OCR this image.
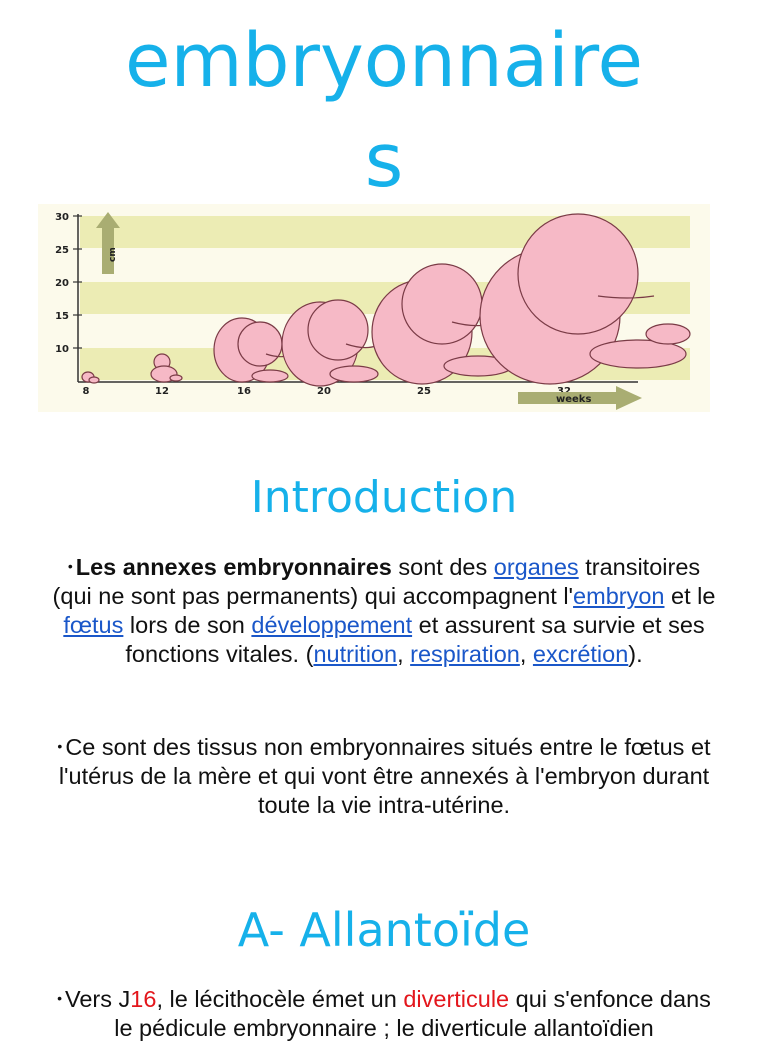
embryonnaire
s
30
25
20
15
10
8	12	16	20	25	32
cm
weeks
Introduction

• Les annexes embryonnaires sont des organes transitoires (qui ne sont pas permanents) qui accompagnent l'embryon et le fœtus lors de son développement et assurent sa survie et ses fonctions vitales. (nutrition, respiration, excrétion).

• Ce sont des tissus non embryonnaires situés entre le fœtus et l'utérus de la mère et qui vont être annexés à l'embryon durant toute la vie intra-utérine.

A- Allantoïde

• Vers J16, le lécithocèle émet un diverticule qui s'enfonce dans le pédicule embryonnaire ; le diverticule allantoïdien
